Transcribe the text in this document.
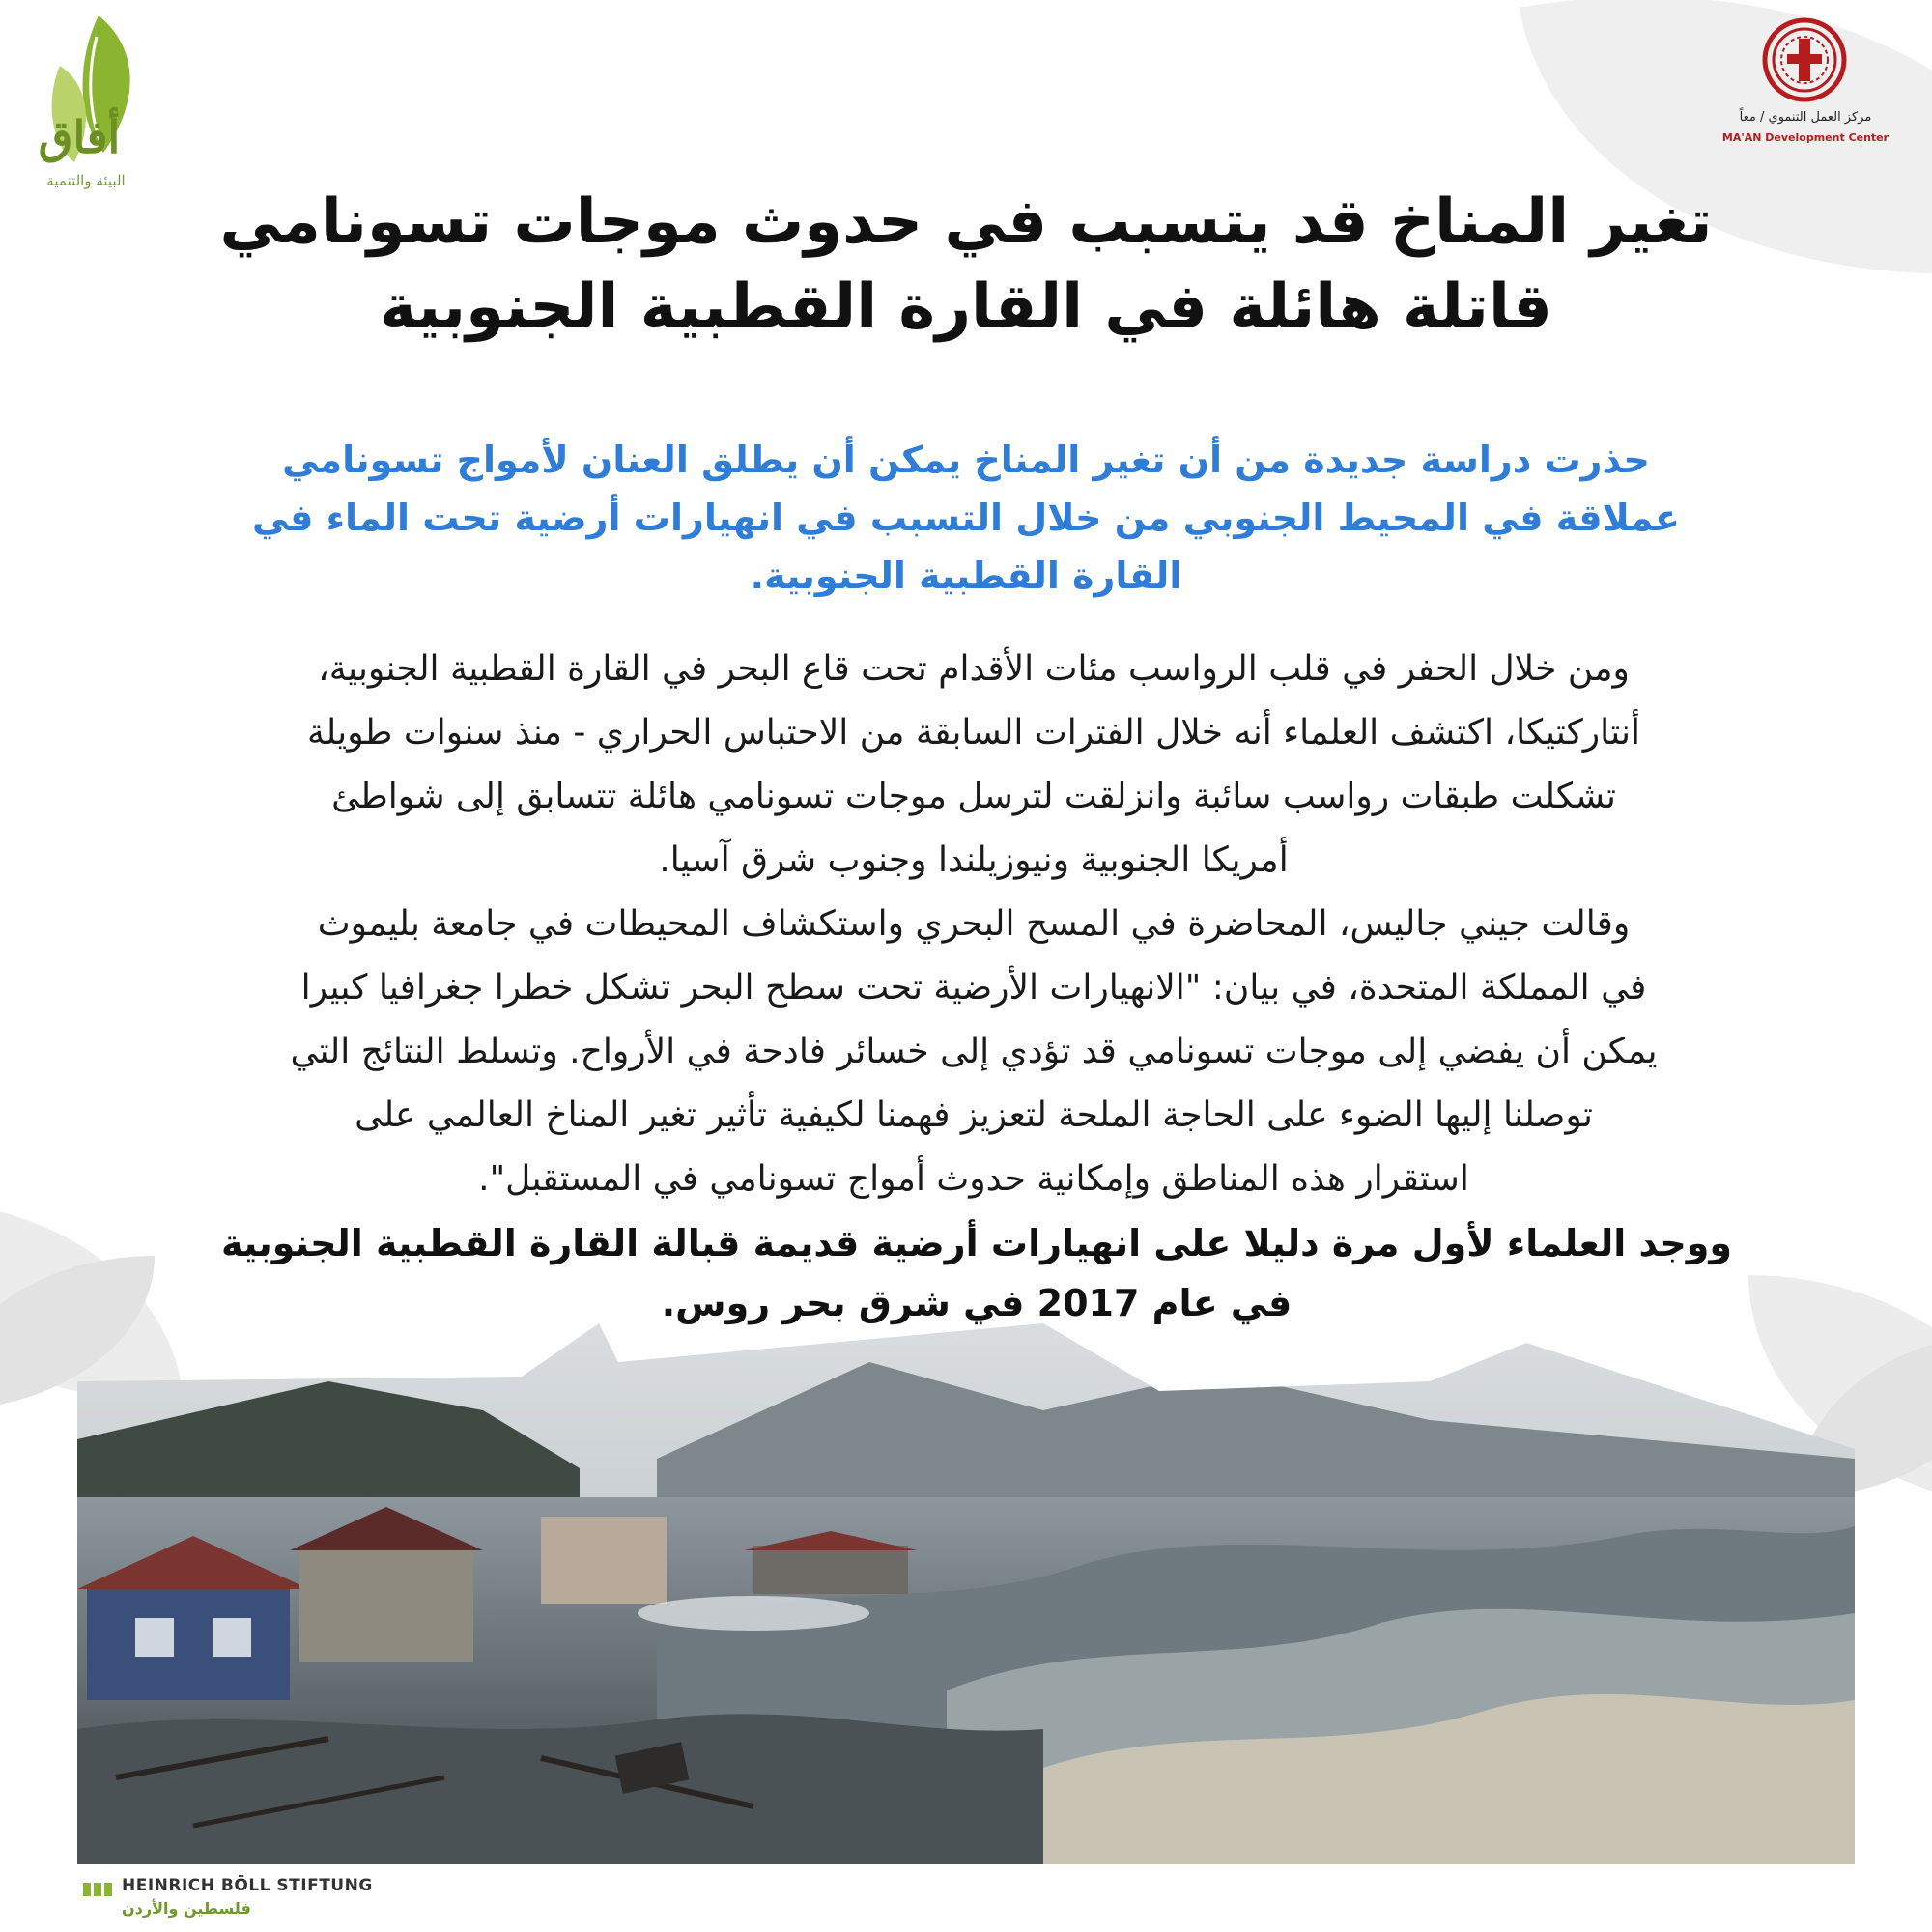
أفاق
البيئة والتنمية
مركز العمل التنموي / معاً
MA'AN Development Center
تغير المناخ قد يتسبب في حدوث موجات تسونامي
قاتلة هائلة في القارة القطبية الجنوبية
حذرت دراسة جديدة من أن تغير المناخ يمكن أن يطلق العنان لأمواج تسونامي
عملاقة في المحيط الجنوبي من خلال التسبب في انهيارات أرضية تحت الماء في
القارة القطبية الجنوبية.
ومن خلال الحفر في قلب الرواسب مئات الأقدام تحت قاع البحر في القارة القطبية الجنوبية،
أنتاركتيكا، اكتشف العلماء أنه خلال الفترات السابقة من الاحتباس الحراري - منذ سنوات طويلة
تشكلت طبقات رواسب سائبة وانزلقت لترسل موجات تسونامي هائلة تتسابق إلى شواطئ
أمريكا الجنوبية ونيوزيلندا وجنوب شرق آسيا.
وقالت جيني جاليس، المحاضرة في المسح البحري واستكشاف المحيطات في جامعة بليموث
في المملكة المتحدة، في بيان: "الانهيارات الأرضية تحت سطح البحر تشكل خطرا جغرافيا كبيرا
يمكن أن يفضي إلى موجات تسونامي قد تؤدي إلى خسائر فادحة في الأرواح. وتسلط النتائج التي
توصلنا إليها الضوء على الحاجة الملحة لتعزيز فهمنا لكيفية تأثير تغير المناخ العالمي على
استقرار هذه المناطق وإمكانية حدوث أمواج تسونامي في المستقبل".
ووجد العلماء لأول مرة دليلا على انهيارات أرضية قديمة قبالة القارة القطبية الجنوبية
في عام 2017 في شرق بحر روس.
HEINRICH BÖLL STIFTUNG
فلسطين والأردن
